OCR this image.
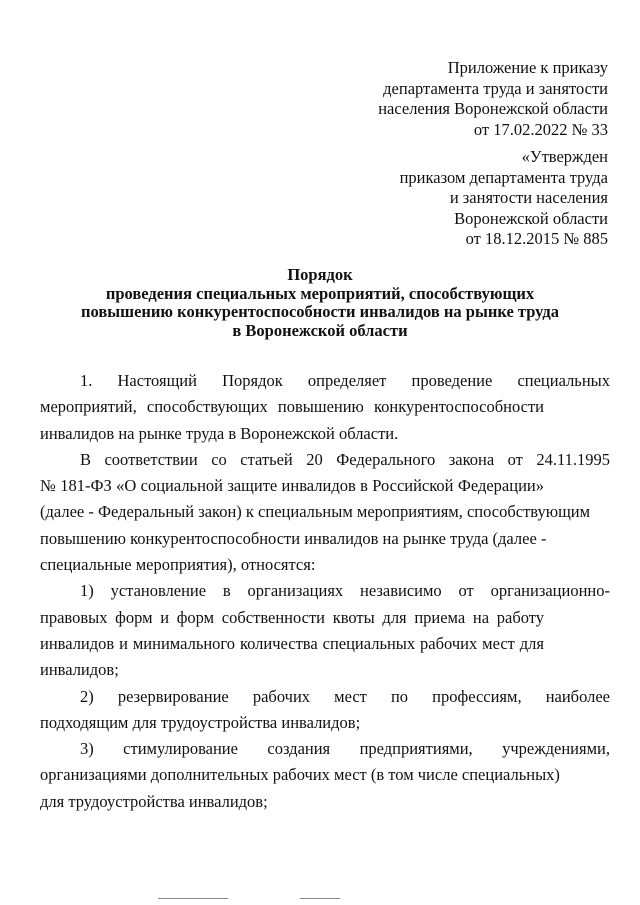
Приложение к приказу
департамента труда и занятости
населения Воронежской области
от 17.02.2022 № 33
«Утвержден
приказом департамента труда
и занятости населения
Воронежской области
от 18.12.2015 № 885
Порядок
проведения специальных мероприятий, способствующих
повышению конкурентоспособности инвалидов на рынке труда
в Воронежской области
1. Настоящий Порядок определяет проведение специальных
мероприятий, способствующих повышению конкурентоспособности
инвалидов на рынке труда в Воронежской области.
В соответствии со статьей 20 Федерального закона от 24.11.1995
№ 181-ФЗ «О социальной защите инвалидов в Российской Федерации»
(далее - Федеральный закон) к специальным мероприятиям, способствующим
повышению конкурентоспособности инвалидов на рынке труда (далее -
специальные мероприятия), относятся:
1) установление в организациях независимо от организационно-
правовых форм и форм собственности квоты для приема на работу
инвалидов и минимального количества специальных рабочих мест для
инвалидов;
2) резервирование рабочих мест по профессиям, наиболее
подходящим для трудоустройства инвалидов;
3) стимулирование создания предприятиями, учреждениями,
организациями дополнительных рабочих мест (в том числе специальных)
для трудоустройства инвалидов;
